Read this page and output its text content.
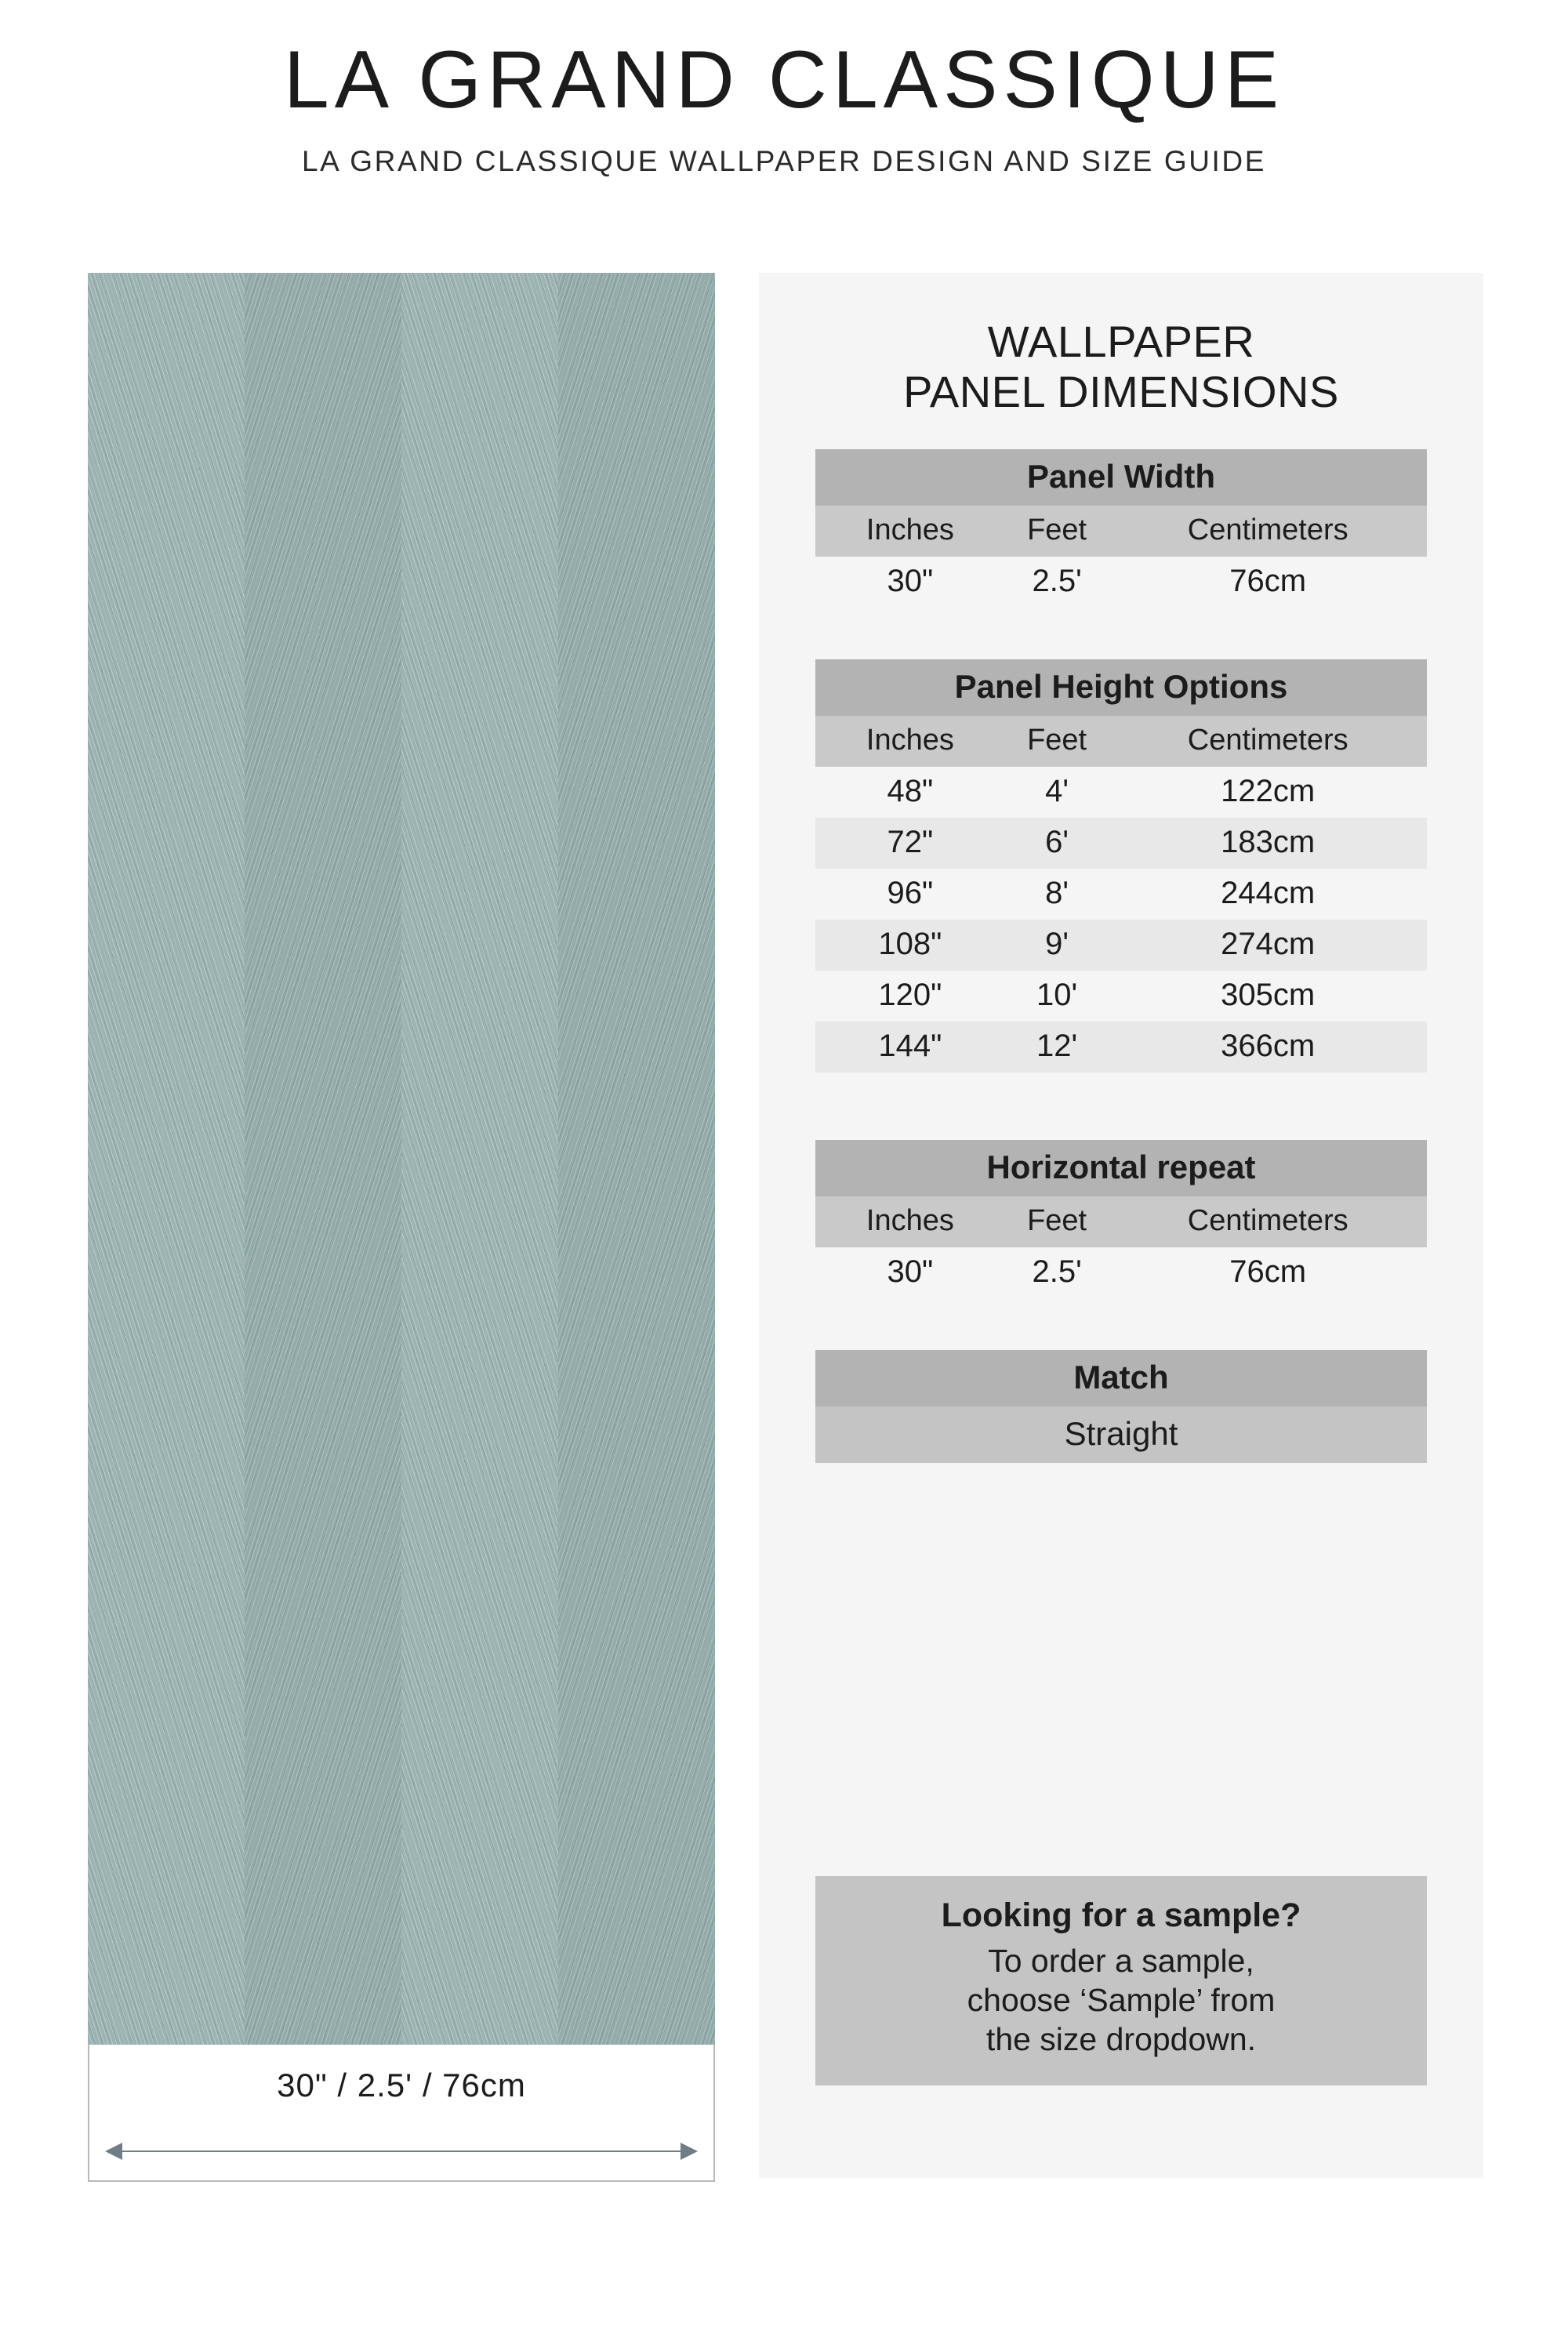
LA GRAND CLASSIQUE
LA GRAND CLASSIQUE WALLPAPER DESIGN AND SIZE GUIDE
30" / 2.5' / 76cm
WALLPAPER
PANEL DIMENSIONS
Panel Width
Inches	Feet	Centimeters
30"	2.5'	76cm
Panel Height Options
Inches	Feet	Centimeters
48"	4'	122cm
72"	6'	183cm
96"	8'	244cm
108"	9'	274cm
120"	10'	305cm
144"	12'	366cm
Horizontal repeat
Inches	Feet	Centimeters
30"	2.5'	76cm
Match
Straight
Looking for a sample?
To order a sample,
choose ‘Sample’ from
the size dropdown.
